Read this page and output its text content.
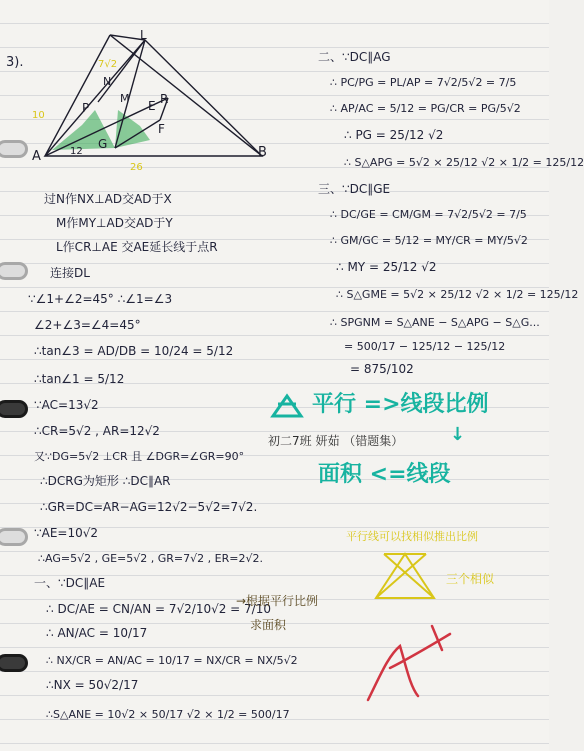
L
N
P
M
E R
F
G
A	B
7√2
10
12
26
3).
过N作NX⊥AD交AD于X
M作MY⊥AD交AD于Y
L作CR⊥AE 交AE延长线于点R
连接DL
∵∠1+∠2=45° ∴∠1=∠3
∠2+∠3=∠4=45°
∴tan∠3 = AD/DB = 10/24 = 5/12
∴tan∠1 = 5/12
∵AC=13√2
∴CR=5√2 , AR=12√2
又∵DG=5√2 ⊥CR 且 ∠DGR=∠GR=90°
∴DCRG为矩形 ∴DC∥AR
∴GR=DC=AR−AG=12√2−5√2=7√2.
∵AE=10√2
∴AG=5√2 , GE=5√2 , GR=7√2 , ER=2√2.
一、∵DC∥AE
∴ DC/AE = CN/AN = 7√2/10√2 = 7/10
∴ AN/AC = 10/17
∴ NX/CR = AN/AC = 10/17 = NX/CR = NX/5√2
∴NX = 50√2/17
∴S△ANE = 10√2 × 50/17 √2 × 1/2 = 500/17
二、∵DC∥AG
∴ PC/PG = PL/AP = 7√2/5√2 = 7/5
∴ AP/AC = 5/12 = PG/CR = PG/5√2
∴ PG = 25/12 √2
∴ S△APG = 5√2 × 25/12 √2 × 1/2 = 125/12
三、∵DC∥GE
∴ DC/GE = CM/GM = 7√2/5√2 = 7/5
∴ GM/GC = 5/12 = MY/CR = MY/5√2
∴ MY = 25/12 √2
∴ S△GME = 5√2 × 25/12 √2 × 1/2 = 125/12
∴ SPGNM = S△ANE − S△APG − S△G...
= 500/17 − 125/12 − 125/12
= 875/102
平行 =>线段比例
初二7班 妍茹 （错题集）	↓
面积 <=线段
平行线可以找相似推出比例
三个相似
→根据平行比例
求面积
